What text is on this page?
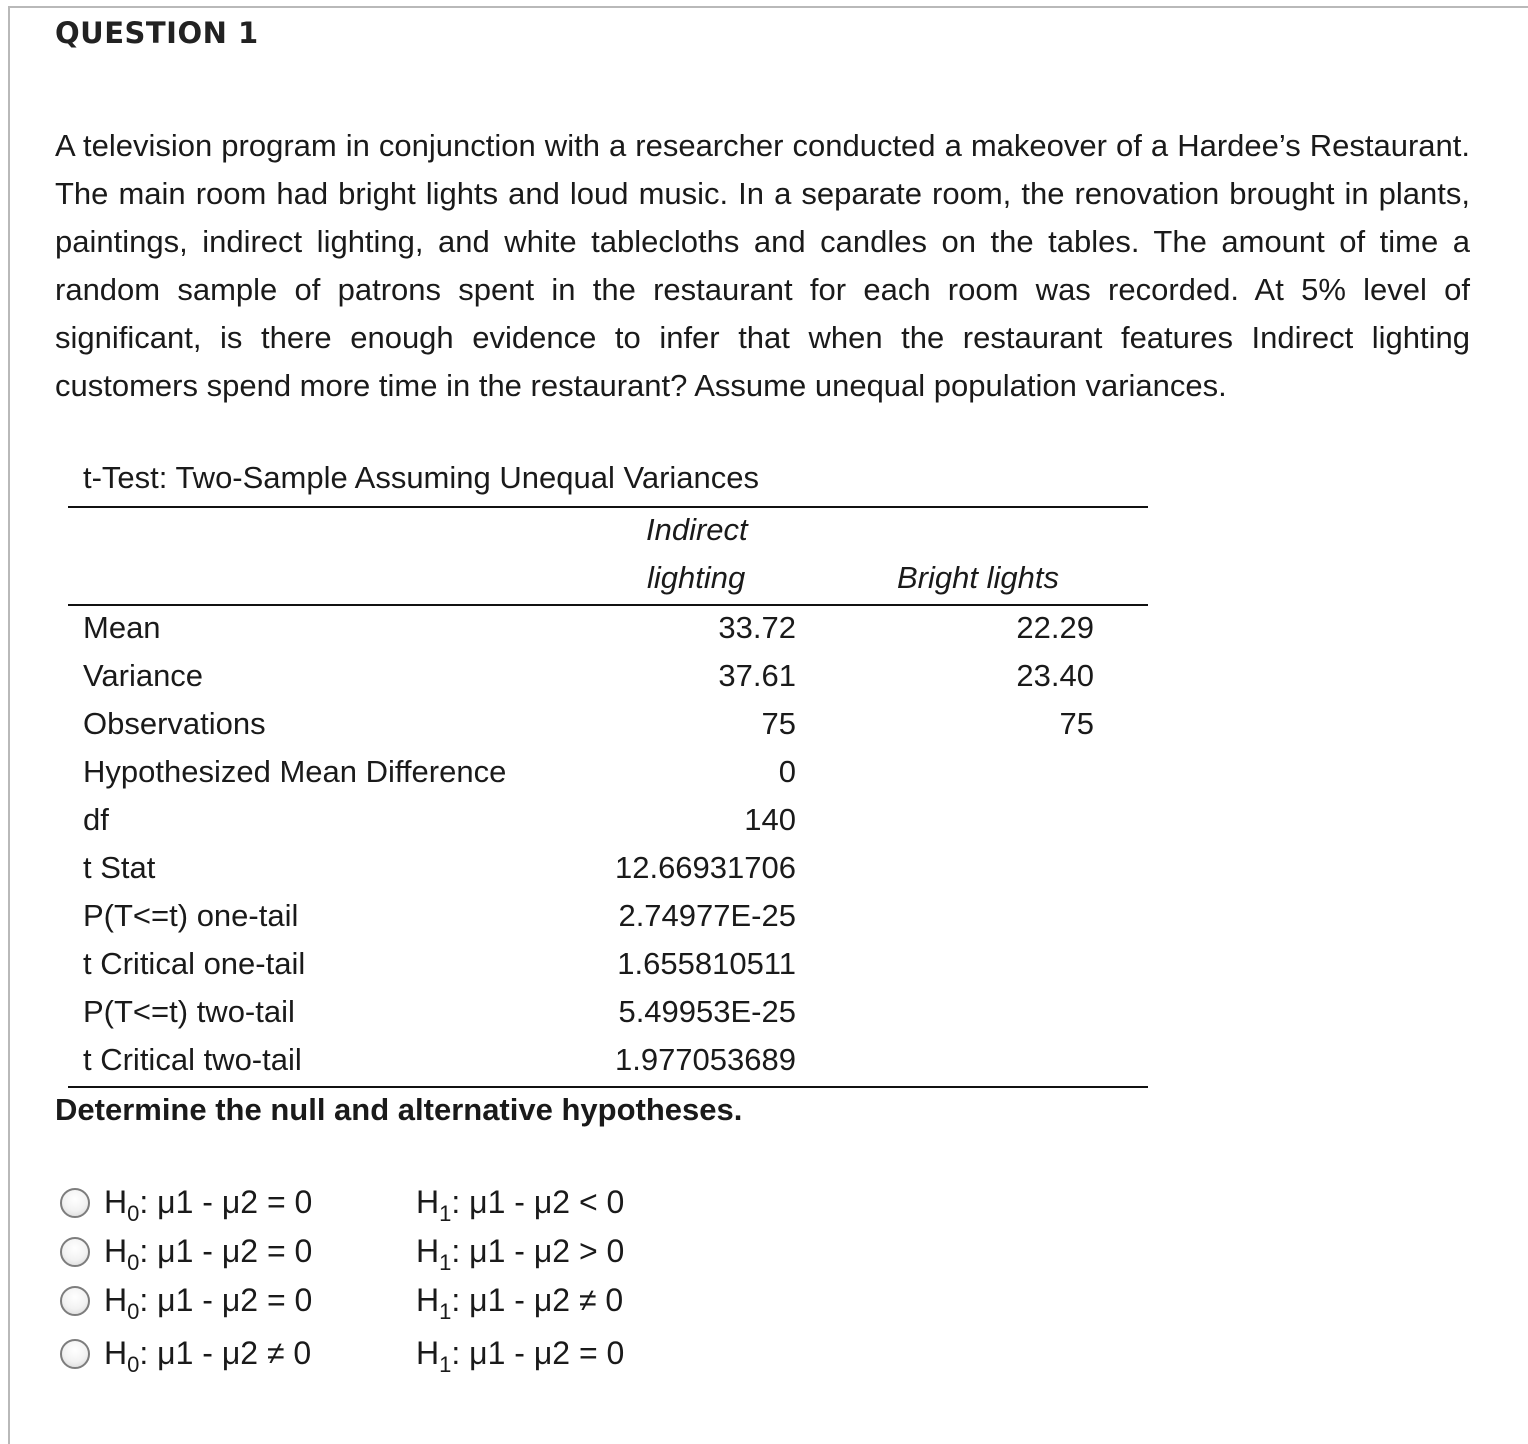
QUESTION 1
A television program in conjunction with a researcher conducted a makeover of a Hardee’s Restaurant. The main room had bright lights and loud music. In a separate room, the renovation brought in plants, paintings, indirect lighting, and white tablecloths and candles on the tables. The amount of time a random sample of patrons spent in the restaurant for each room was recorded. At 5% level of significant, is there enough evidence to infer that when the restaurant features Indirect lighting customers spend more time in the restaurant? Assume unequal population variances.
t-Test: Two-Sample Assuming Unequal Variances
Indirect
lighting	Bright lights
Mean	33.72	22.29
Variance	37.61	23.40
Observations	75	75
Hypothesized Mean Difference	0
df	140
t Stat	12.66931706
P(T<=t) one-tail	2.74977E-25
t Critical one-tail	1.655810511
P(T<=t) two-tail	5.49953E-25
t Critical two-tail	1.977053689
Determine the null and alternative hypotheses.
$H_0$: μ1 - μ2 = 0	$H_1$: μ1 - μ2 < 0
$H_0$: μ1 - μ2 = 0	$H_1$: μ1 - μ2 > 0
$H_0$: μ1 - μ2 = 0	$H_1$: μ1 - μ2 ≠ 0
$H_0$: μ1 - μ2 ≠ 0	$H_1$: μ1 - μ2 = 0
